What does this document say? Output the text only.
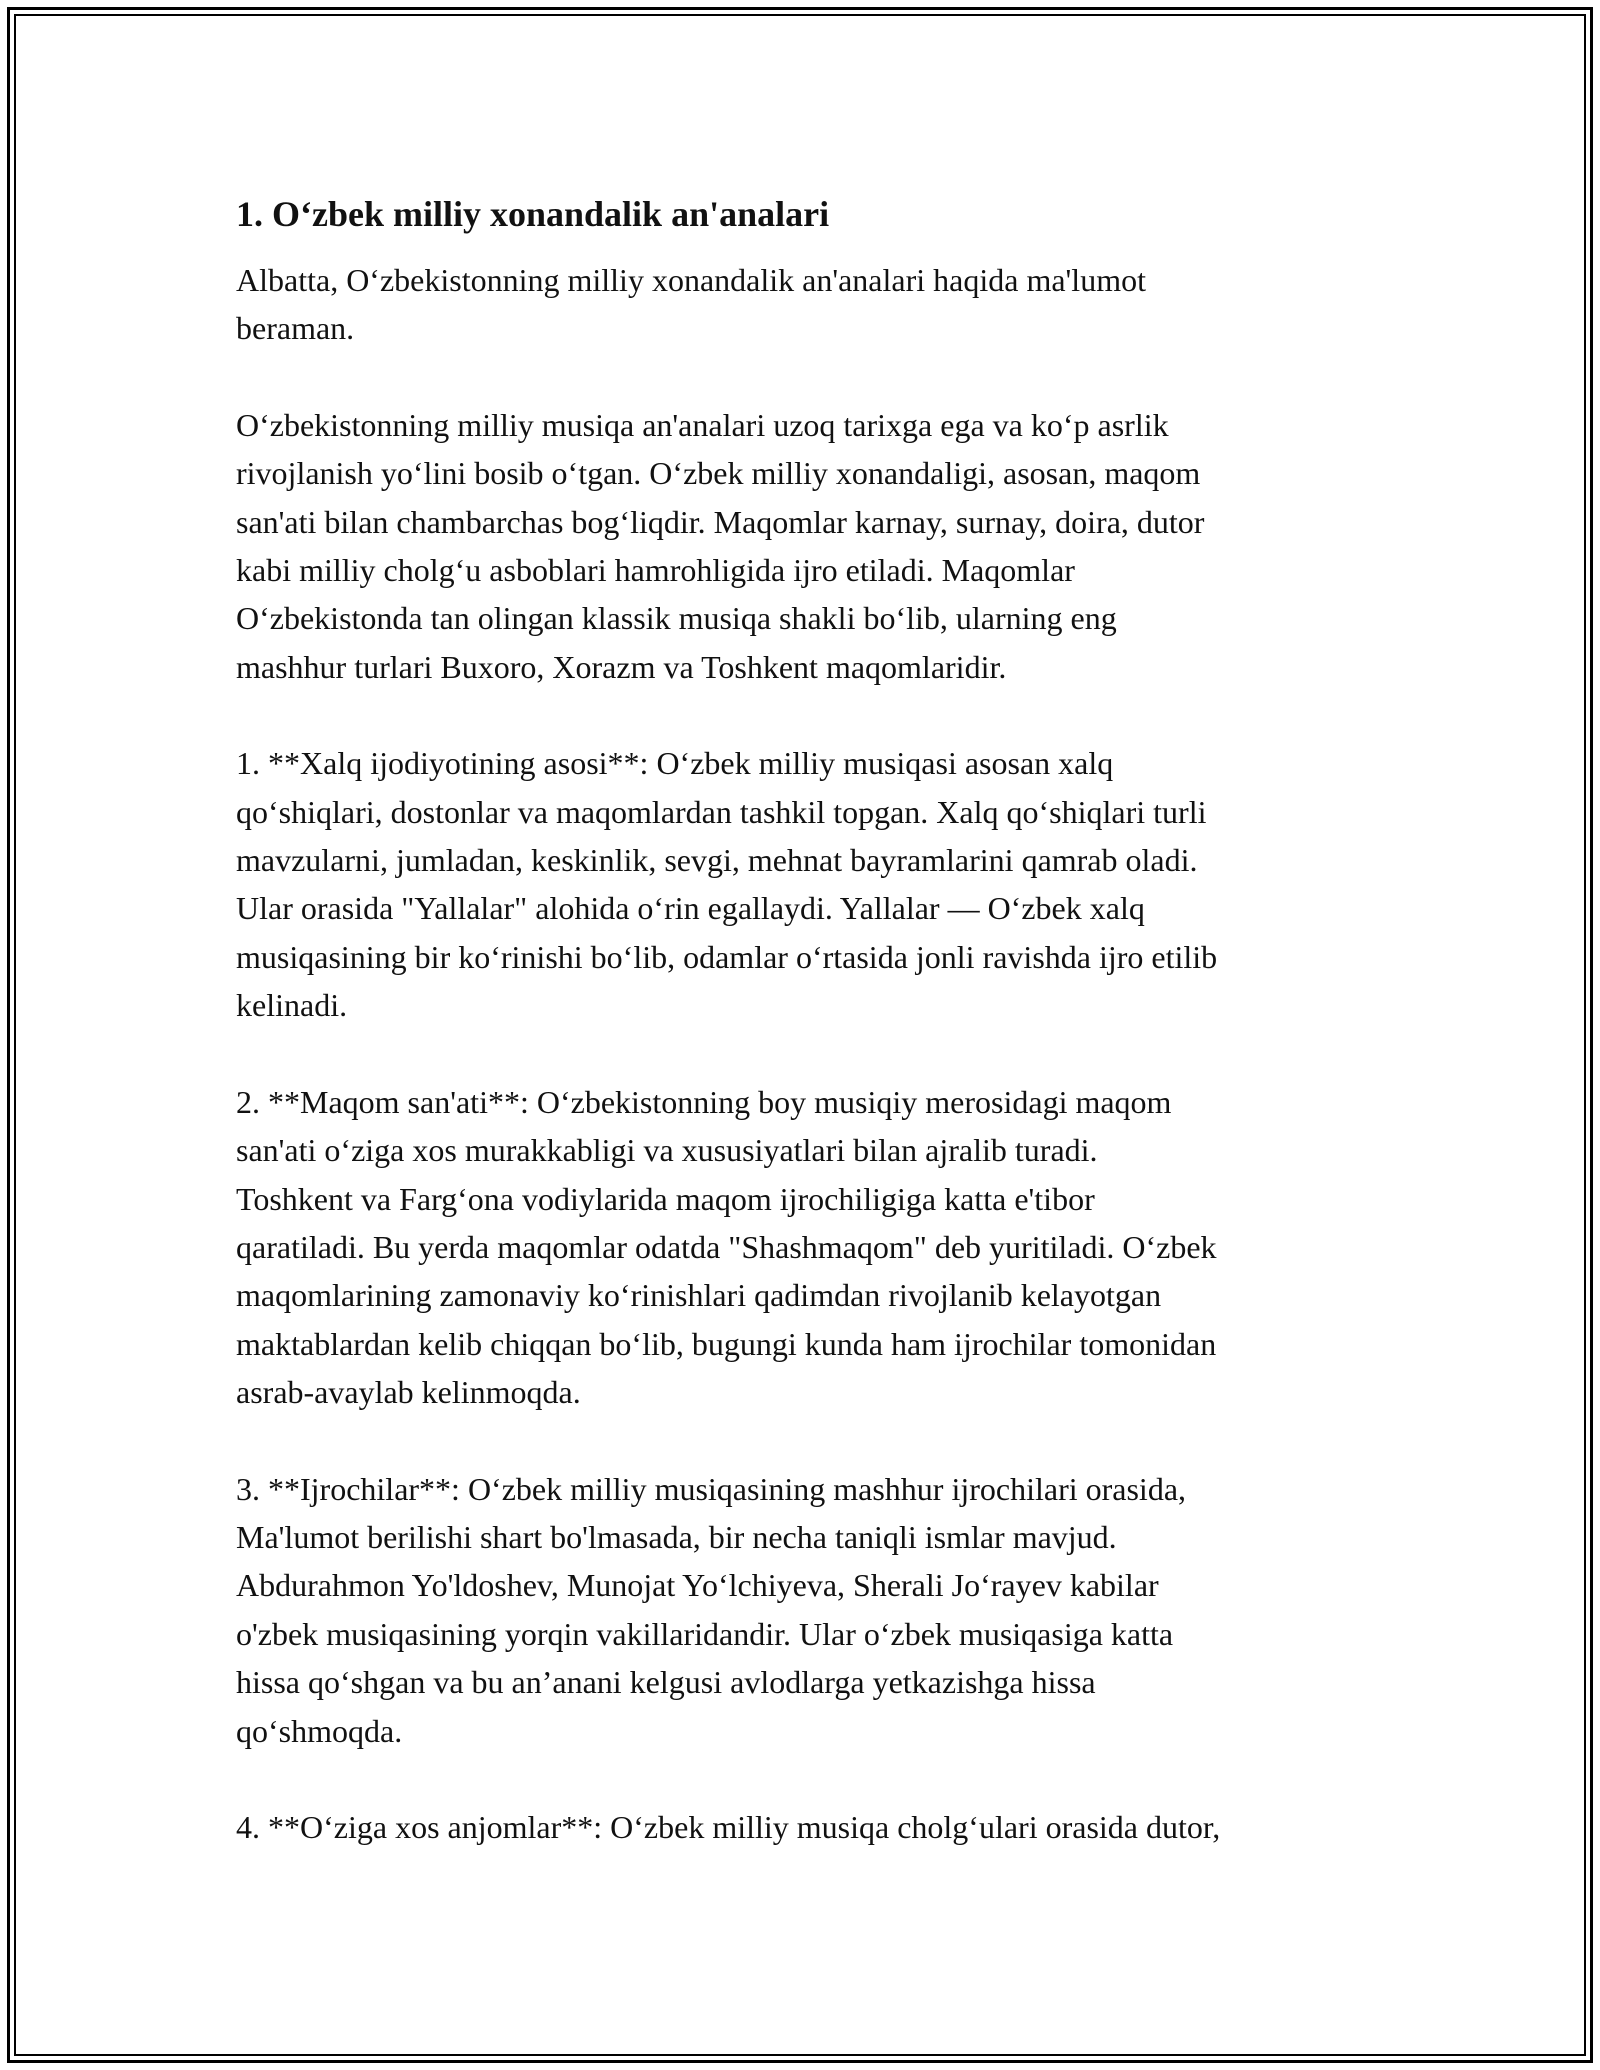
1. O‘zbek milliy xonandalik an'analari
Albatta, O‘zbekistonning milliy xonandalik an'analari haqida ma'lumot
beraman.
O‘zbekistonning milliy musiqa an'analari uzoq tarixga ega va ko‘p asrlik
rivojlanish yo‘lini bosib o‘tgan. O‘zbek milliy xonandaligi, asosan, maqom
san'ati bilan chambarchas bog‘liqdir. Maqomlar karnay, surnay, doira, dutor
kabi milliy cholg‘u asboblari hamrohligida ijro etiladi. Maqomlar
O‘zbekistonda tan olingan klassik musiqa shakli bo‘lib, ularning eng
mashhur turlari Buxoro, Xorazm va Toshkent maqomlaridir.
1. **Xalq ijodiyotining asosi**: O‘zbek milliy musiqasi asosan xalq
qo‘shiqlari, dostonlar va maqomlardan tashkil topgan. Xalq qo‘shiqlari turli
mavzularni, jumladan, keskinlik, sevgi, mehnat bayramlarini qamrab oladi.
Ular orasida "Yallalar" alohida o‘rin egallaydi. Yallalar — O‘zbek xalq
musiqasining bir ko‘rinishi bo‘lib, odamlar o‘rtasida jonli ravishda ijro etilib
kelinadi.
2. **Maqom san'ati**: O‘zbekistonning boy musiqiy merosidagi maqom
san'ati o‘ziga xos murakkabligi va xususiyatlari bilan ajralib turadi.
Toshkent va Farg‘ona vodiylarida maqom ijrochiligiga katta e'tibor
qaratiladi. Bu yerda maqomlar odatda "Shashmaqom" deb yuritiladi. O‘zbek
maqomlarining zamonaviy ko‘rinishlari qadimdan rivojlanib kelayotgan
maktablardan kelib chiqqan bo‘lib, bugungi kunda ham ijrochilar tomonidan
asrab-avaylab kelinmoqda.
3. **Ijrochilar**: O‘zbek milliy musiqasining mashhur ijrochilari orasida,
Ma'lumot berilishi shart bo'lmasada, bir necha taniqli ismlar mavjud.
Abdurahmon Yo'ldoshev, Munojat Yo‘lchiyeva, Sherali Jo‘rayev kabilar
o'zbek musiqasining yorqin vakillaridandir. Ular o‘zbek musiqasiga katta
hissa qo‘shgan va bu an’anani kelgusi avlodlarga yetkazishga hissa
qo‘shmoqda.
4. **O‘ziga xos anjomlar**: O‘zbek milliy musiqa cholg‘ulari orasida dutor,
